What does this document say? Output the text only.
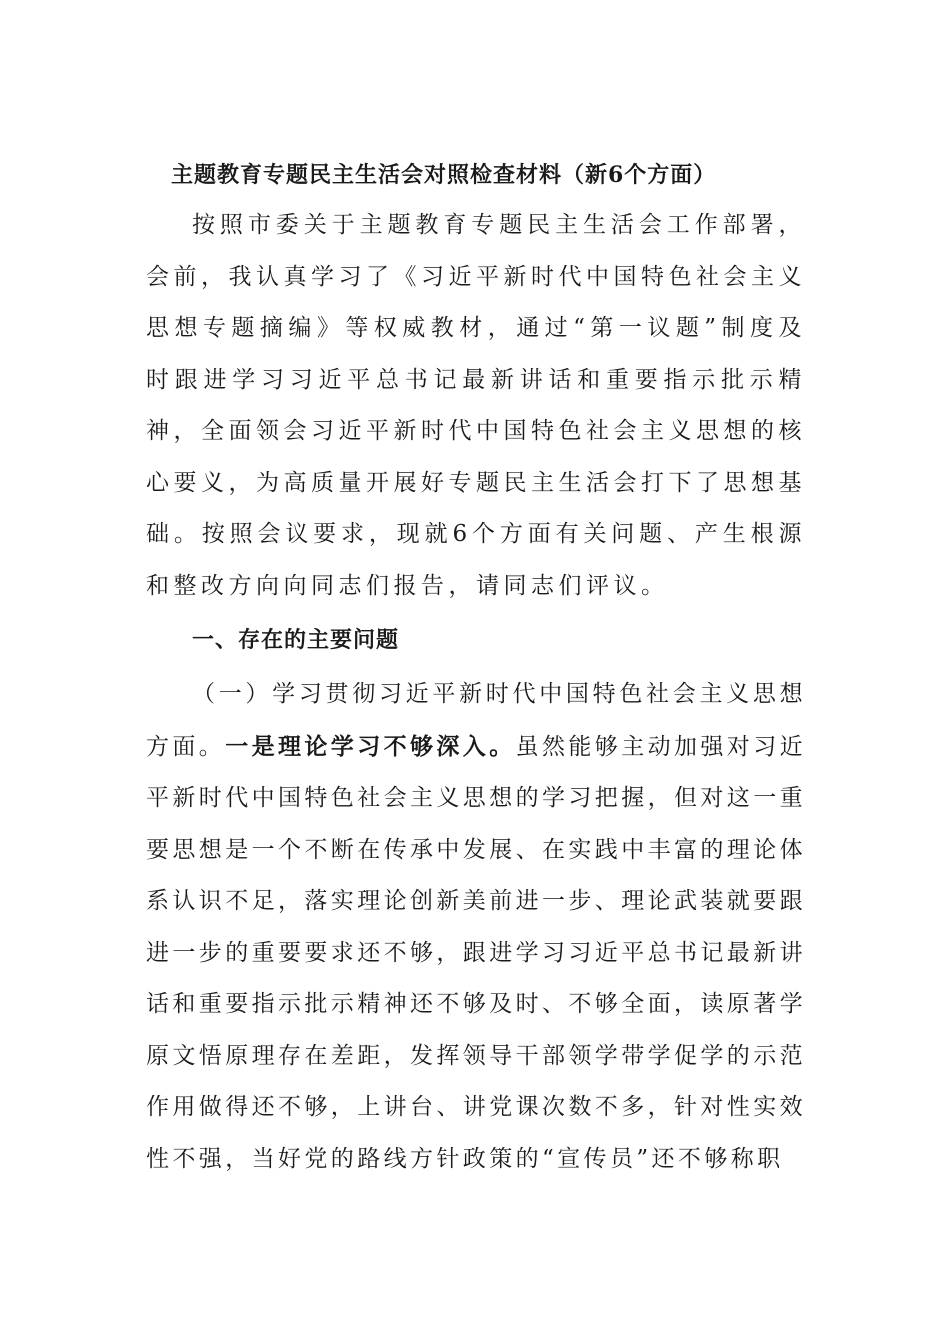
主题教育专题民主生活会对照检查材料（新6个方面）

按照市委关于主题教育专题民主生活会工作部署，会前，我认真学习了《习近平新时代中国特色社会主义思想专题摘编》等权威教材，通过“第一议题”制度及时跟进学习习近平总书记最新讲话和重要指示批示精神，全面领会习近平新时代中国特色社会主义思想的核心要义，为高质量开展好专题民主生活会打下了思想基础。按照会议要求，现就6个方面有关问题、产生根源和整改方向向同志们报告，请同志们评议。

一、存在的主要问题

（一）学习贯彻习近平新时代中国特色社会主义思想方面。一是理论学习不够深入。虽然能够主动加强对习近平新时代中国特色社会主义思想的学习把握，但对这一重要思想是一个不断在传承中发展、在实践中丰富的理论体系认识不足，落实理论创新美前进一步、理论武装就要跟进一步的重要要求还不够，跟进学习习近平总书记最新讲话和重要指示批示精神还不够及时、不够全面，读原著学原文悟原理存在差距，发挥领导干部领学带学促学的示范作用做得还不够，上讲台、讲党课次数不多，针对性实效性不强，当好党的路线方针政策的“宣传员”还不够称职
